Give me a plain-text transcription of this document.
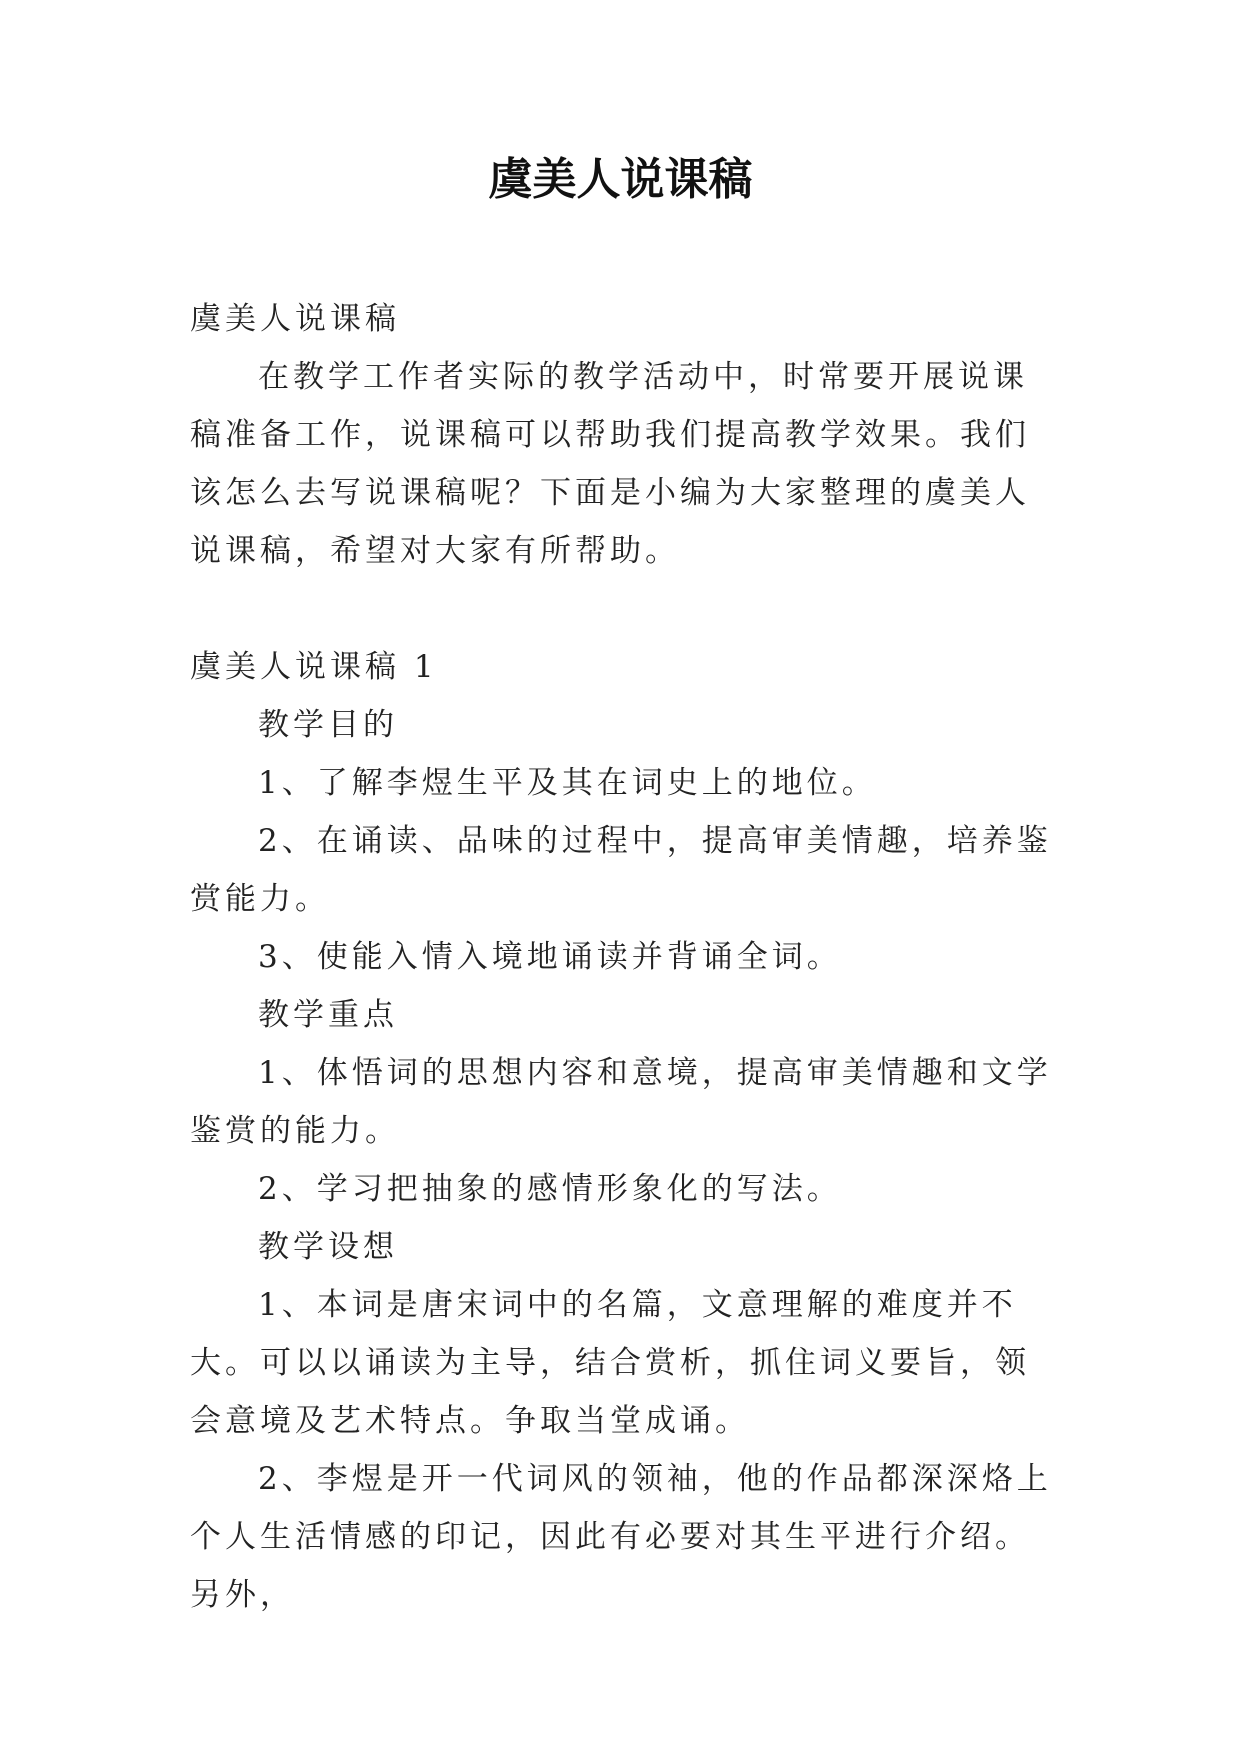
虞美人说课稿

虞美人说课稿

在教学工作者实际的教学活动中，时常要开展说课稿准备工作，说课稿可以帮助我们提高教学效果。我们该怎么去写说课稿呢？下面是小编为大家整理的虞美人说课稿，希望对大家有所帮助。

虞美人说课稿 1

教学目的

1、了解李煜生平及其在词史上的地位。

2、在诵读、品味的过程中，提高审美情趣，培养鉴赏能力。

3、使能入情入境地诵读并背诵全词。

教学重点

1、体悟词的思想内容和意境，提高审美情趣和文学鉴赏的能力。

2、学习把抽象的感情形象化的写法。

教学设想

1、本词是唐宋词中的名篇，文意理解的难度并不大。可以以诵读为主导，结合赏析，抓住词义要旨，领会意境及艺术特点。争取当堂成诵。

2、李煜是开一代词风的领袖，他的作品都深深烙上个人生活情感的印记，因此有必要对其生平进行介绍。另外，
